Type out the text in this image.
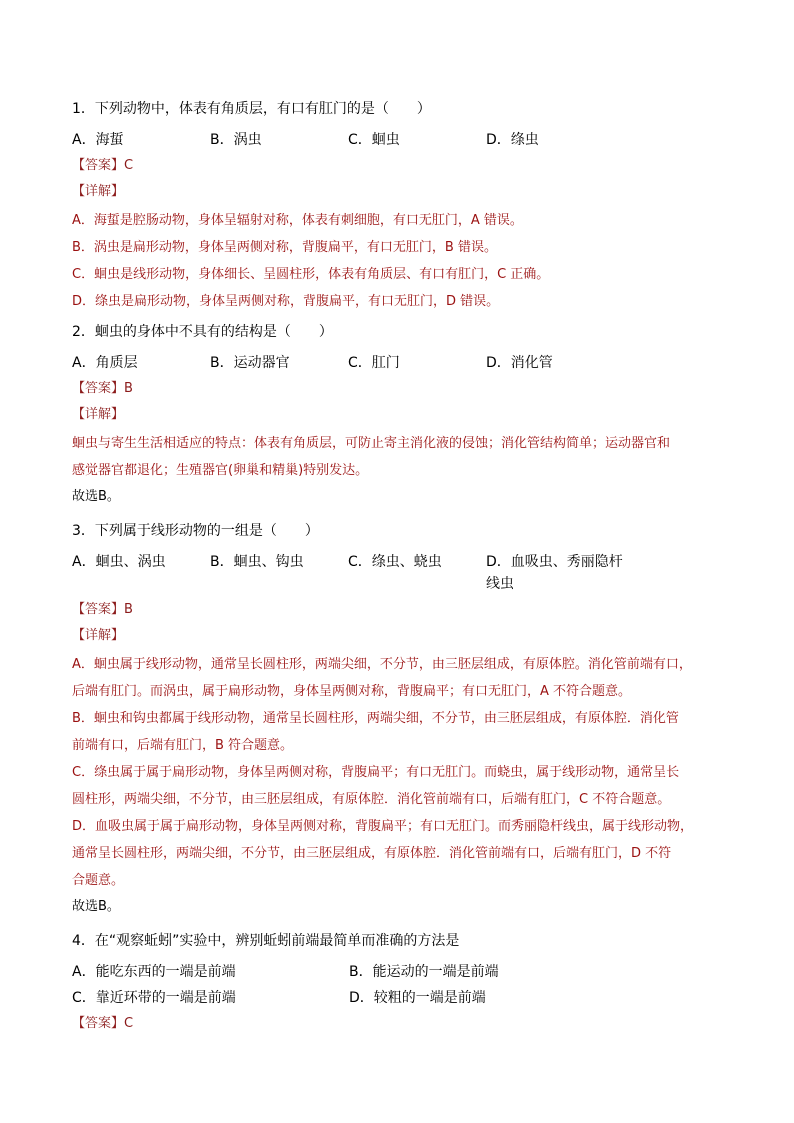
1．下列动物中，体表有角质层，有口有肛门的是（　　）

A．海蜇	B．涡虫	C．蛔虫	D．绦虫

【答案】C

【详解】

A．海蜇是腔肠动物，身体呈辐射对称，体表有刺细胞，有口无肛门，A 错误。

B．涡虫是扁形动物，身体呈两侧对称，背腹扁平，有口无肛门，B 错误。

C．蛔虫是线形动物，身体细长、呈圆柱形，体表有角质层、有口有肛门，C 正确。

D．绦虫是扁形动物，身体呈两侧对称，背腹扁平，有口无肛门，D 错误。

2．蛔虫的身体中不具有的结构是（　　）

A．角质层	B．运动器官	C．肛门	D．消化管

【答案】B

【详解】

蛔虫与寄生生活相适应的特点：体表有角质层，可防止寄主消化液的侵蚀；消化管结构简单；运动器官和

感觉器官都退化；生殖器官(卵巢和精巢)特别发达。

故选B。

3．下列属于线形动物的一组是（　　）

A．蛔虫、涡虫	B．蛔虫、钩虫	C．绦虫、蛲虫	D．血吸虫、秀丽隐杆线虫

【答案】B

【详解】

A．蛔虫属于线形动物，通常呈长圆柱形，两端尖细，不分节，由三胚层组成，有原体腔。消化管前端有口，

后端有肛门。而涡虫，属于扁形动物，身体呈两侧对称，背腹扁平；有口无肛门，A 不符合题意。

B．蛔虫和钩虫都属于线形动物，通常呈长圆柱形，两端尖细，不分节，由三胚层组成，有原体腔．消化管

前端有口，后端有肛门，B 符合题意。

C．绦虫属于属于扁形动物，身体呈两侧对称，背腹扁平；有口无肛门。而蛲虫，属于线形动物，通常呈长

圆柱形，两端尖细，不分节，由三胚层组成，有原体腔．消化管前端有口，后端有肛门，C 不符合题意。

D．血吸虫属于属于扁形动物，身体呈两侧对称，背腹扁平；有口无肛门。而秀丽隐杆线虫，属于线形动物，

通常呈长圆柱形，两端尖细，不分节，由三胚层组成，有原体腔．消化管前端有口，后端有肛门，D 不符

合题意。

故选B。

4．在“观察蚯蚓”实验中，辨别蚯蚓前端最简单而准确的方法是

A．能吃东西的一端是前端	B．能运动的一端是前端
C．靠近环带的一端是前端	D．较粗的一端是前端

【答案】C
